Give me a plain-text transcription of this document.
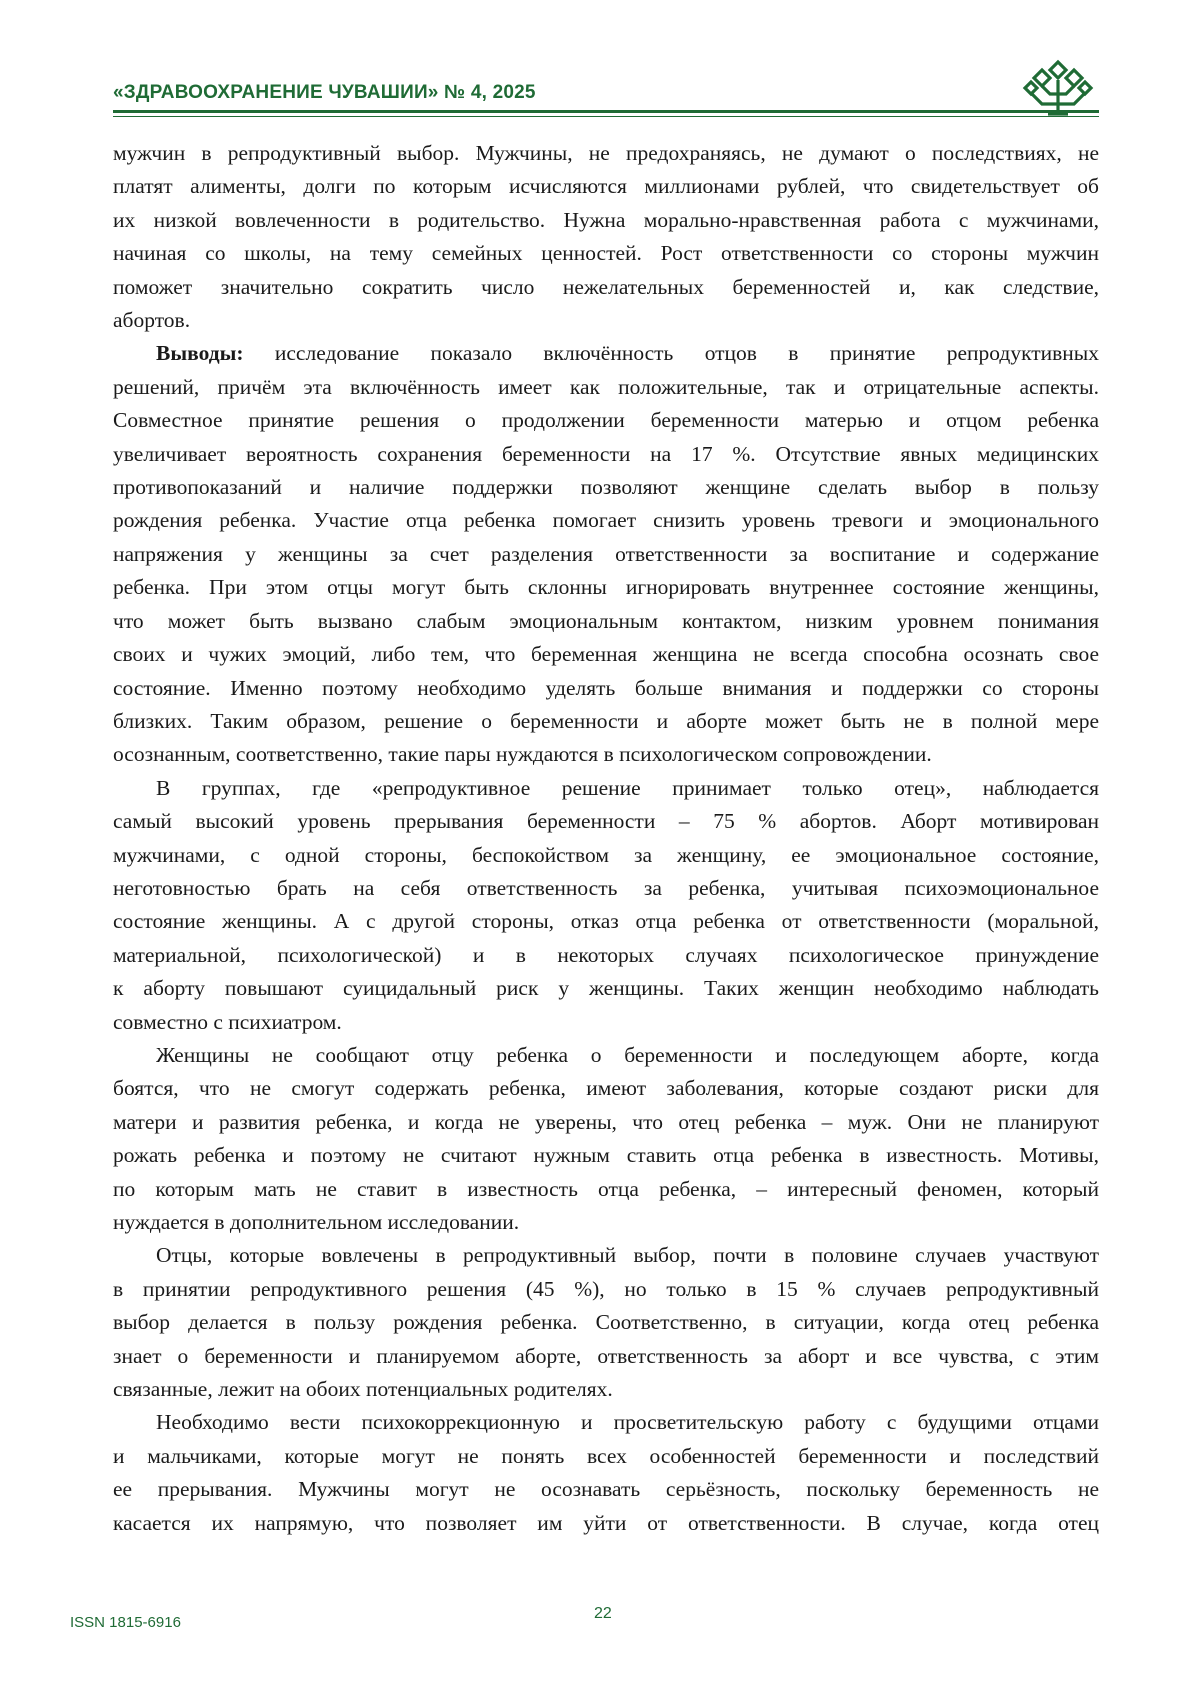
«ЗДРАВООХРАНЕНИЕ ЧУВАШИИ» № 4, 2025

мужчин в репродуктивный выбор. Мужчины, не предохраняясь, не думают о последствиях, не
платят алименты, долги по которым исчисляются миллионами рублей, что свидетельствует об
их низкой вовлеченности в родительство. Нужна морально-нравственная работа с мужчинами,
начиная со школы, на тему семейных ценностей. Рост ответственности со стороны мужчин
поможет значительно сократить число нежелательных беременностей и, как следствие,
абортов.

Выводы: исследование показало включённость отцов в принятие репродуктивных
решений, причём эта включённость имеет как положительные, так и отрицательные аспекты.
Совместное принятие решения о продолжении беременности матерью и отцом ребенка
увеличивает вероятность сохранения беременности на 17 %. Отсутствие явных медицинских
противопоказаний и наличие поддержки позволяют женщине сделать выбор в пользу
рождения ребенка. Участие отца ребенка помогает снизить уровень тревоги и эмоционального
напряжения у женщины за счет разделения ответственности за воспитание и содержание
ребенка. При этом отцы могут быть склонны игнорировать внутреннее состояние женщины,
что может быть вызвано слабым эмоциональным контактом, низким уровнем понимания
своих и чужих эмоций, либо тем, что беременная женщина не всегда способна осознать свое
состояние. Именно поэтому необходимо уделять больше внимания и поддержки со стороны
близких. Таким образом, решение о беременности и аборте может быть не в полной мере
осознанным, соответственно, такие пары нуждаются в психологическом сопровождении.

В группах, где «репродуктивное решение принимает только отец», наблюдается
самый высокий уровень прерывания беременности – 75 % абортов. Аборт мотивирован
мужчинами, с одной стороны, беспокойством за женщину, ее эмоциональное состояние,
неготовностью брать на себя ответственность за ребенка, учитывая психоэмоциональное
состояние женщины. А с другой стороны, отказ отца ребенка от ответственности (моральной,
материальной, психологической) и в некоторых случаях психологическое принуждение
к аборту повышают суицидальный риск у женщины. Таких женщин необходимо наблюдать
совместно с психиатром.

Женщины не сообщают отцу ребенка о беременности и последующем аборте, когда
боятся, что не смогут содержать ребенка, имеют заболевания, которые создают риски для
матери и развития ребенка, и когда не уверены, что отец ребенка – муж. Они не планируют
рожать ребенка и поэтому не считают нужным ставить отца ребенка в известность. Мотивы,
по которым мать не ставит в известность отца ребенка, – интересный феномен, который
нуждается в дополнительном исследовании.

Отцы, которые вовлечены в репродуктивный выбор, почти в половине случаев участвуют
в принятии репродуктивного решения (45 %), но только в 15 % случаев репродуктивный
выбор делается в пользу рождения ребенка. Соответственно, в ситуации, когда отец ребенка
знает о беременности и планируемом аборте, ответственность за аборт и все чувства, с этим
связанные, лежит на обоих потенциальных родителях.

Необходимо вести психокоррекционную и просветительскую работу с будущими отцами
и мальчиками, которые могут не понять всех особенностей беременности и последствий
ее прерывания. Мужчины могут не осознавать серьёзность, поскольку беременность не
касается их напрямую, что позволяет им уйти от ответственности. В случае, когда отец

ISSN 1815-6916
22
